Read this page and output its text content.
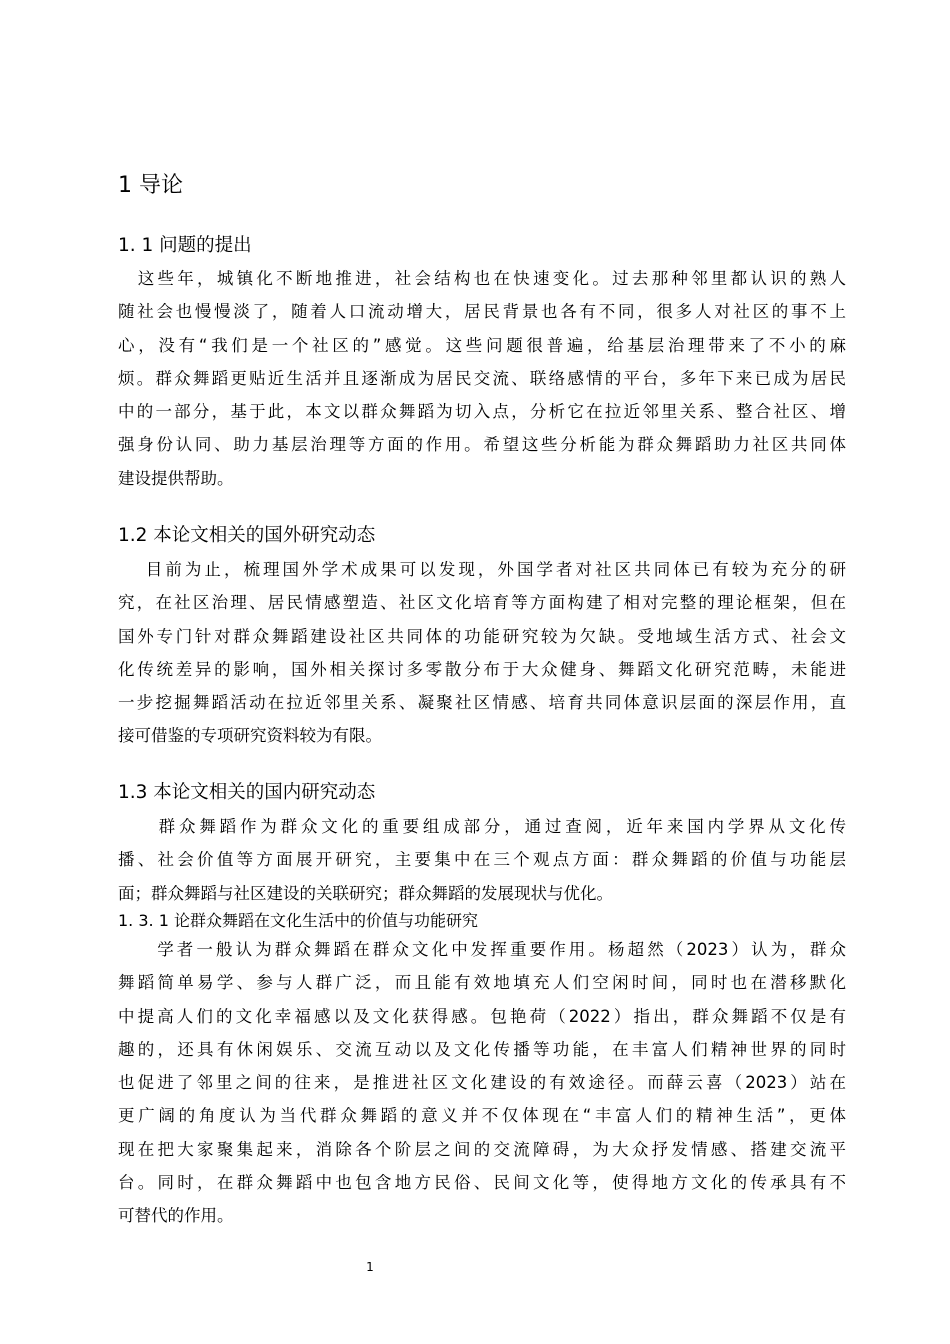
1 导论
1. 1 问题的提出
　这些年，城镇化不断地推进，社会结构也在快速变化。过去那种邻里都认识的熟人
随社会也慢慢淡了，随着人口流动增大，居民背景也各有不同，很多人对社区的事不上
心，没有“我们是一个社区的”感觉。这些问题很普遍，给基层治理带来了不小的麻
烦。群众舞蹈更贴近生活并且逐渐成为居民交流、联络感情的平台，多年下来已成为居民
中的一部分，基于此，本文以群众舞蹈为切入点，分析它在拉近邻里关系、整合社区、增
强身份认同、助力基层治理等方面的作用。希望这些分析能为群众舞蹈助力社区共同体
建设提供帮助。
1.2 本论文相关的国外研究动态
　 目前为止，梳理国外学术成果可以发现，外国学者对社区共同体已有较为充分的研
究，在社区治理、居民情感塑造、社区文化培育等方面构建了相对完整的理论框架，但在
国外专门针对群众舞蹈建设社区共同体的功能研究较为欠缺。受地域生活方式、社会文
化传统差异的影响，国外相关探讨多零散分布于大众健身、舞蹈文化研究范畴，未能进
一步挖掘舞蹈活动在拉近邻里关系、凝聚社区情感、培育共同体意识层面的深层作用，直
接可借鉴的专项研究资料较为有限。
1.3 本论文相关的国内研究动态
　　群众舞蹈作为群众文化的重要组成部分，通过查阅，近年来国内学界从文化传
播、社会价值等方面展开研究，主要集中在三个观点方面：群众舞蹈的价值与功能层
面；群众舞蹈与社区建设的关联研究；群众舞蹈的发展现状与优化。
1. 3. 1 论群众舞蹈在文化生活中的价值与功能研究
　　学者一般认为群众舞蹈在群众文化中发挥重要作用。杨超然（2023）认为，群众
舞蹈简单易学、参与人群广泛，而且能有效地填充人们空闲时间，同时也在潜移默化
中提高人们的文化幸福感以及文化获得感。包艳荷（2022）指出，群众舞蹈不仅是有
趣的，还具有休闲娱乐、交流互动以及文化传播等功能，在丰富人们精神世界的同时
也促进了邻里之间的往来，是推进社区文化建设的有效途径。而薛云喜（2023）站在
更广阔的角度认为当代群众舞蹈的意义并不仅体现在“丰富人们的精神生活”，更体
现在把大家聚集起来，消除各个阶层之间的交流障碍，为大众抒发情感、搭建交流平
台。同时，在群众舞蹈中也包含地方民俗、民间文化等，使得地方文化的传承具有不
可替代的作用。
1
